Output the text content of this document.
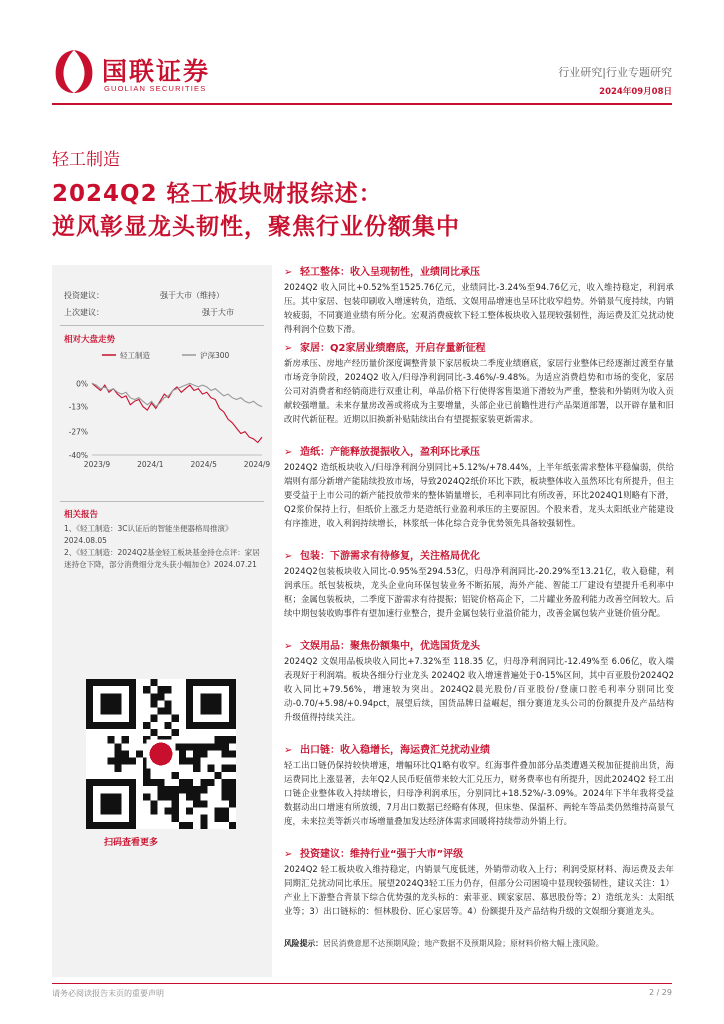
国联证券
GUOLIAN SECURITIES
行业研究|行业专题研究
2024年09月08日
轻工制造
2024Q2 轻工板块财报综述：
逆风彰显龙头韧性，聚焦行业份额集中
投资建议：	强于大市（维持）
上次建议：	强于大市
相对大盘走势
轻工制造	沪深300
0%
-13%
-27%
-40%
2023/9	2024/1	2024/5	2024/9
相关报告

1、《轻工制造：3C认证后的智能坐便器格局推演》2024.08.05

2、《轻工制造：2024Q2基金轻工板块基金持仓点评：家居迷持仓下降，部分消费细分龙头获小幅加仓》2024.07.21

扫码查看更多
➢ 轻工整体：收入呈现韧性，业绩同比承压
2024Q2 收入同比+0.52%至1525.76亿元，业绩同比-3.24%至94.76亿元，收入维持稳定，利润承压。其中家居、包装印刷收入增速转负，造纸、文娱用品增速也呈环比收窄趋势。外销景气度持续，内销较疲弱，不同赛道业绩有所分化。宏观消费疲软下轻工整体板块收入显现较强韧性，海运费及汇兑扰动使得利润个位数下滑。
➢ 家居：Q2家居业绩磨底，开启存量新征程
新房承压、房地产经历量价深度调整背景下家居板块二季度业绩磨底，家居行业整体已经逐渐过渡至存量市场竞争阶段，2024Q2 收入/归母净利润同比-3.46%/-9.48%。为适应消费趋势和市场的变化，家居公司对消费者和经销商进行双重让利，单品价格下行使得客售渠道下滑较为严重，整装和外销则为收入贡献较强增量。未来存量房改善或将成为主要增量，头部企业已前瞻性进行产品渠道部署，以开辟存量和旧改时代新征程。近期以旧换新补贴陆续出台有望提振家装更新需求。
➢ 造纸：产能释放提振收入，盈利环比承压
2024Q2 造纸板块收入/归母净利润分别同比+5.12%/+78.44%，上半年纸张需求整体平稳偏弱，供给端则有部分新增产能陆续投放市场，导致2024Q2纸价环比下跌，板块整体收入虽然环比有所提升，但主要受益于上市公司的新产能投放带来的整体销量增长，毛利率同比有所改善，环比2024Q1则略有下滑，Q2浆价保持上行，但纸价上涨乏力是造纸行业盈利承压的主要原因。个股来看，龙头太阳纸业产能建设有序推进，收入利润持续增长，林浆纸一体化综合竞争优势领先具备较强韧性。
➢ 包装：下游需求有待修复，关注格局优化
2024Q2包装板块收入同比-0.95%至294.53亿，归母净利润同比-20.29%至13.21亿，收入稳健，利润承压。纸包装板块，龙头企业向环保包装业务不断拓展，海外产能、智能工厂建设有望提升毛利率中枢；金属包装板块，二季度下游需求有待提振；铝锭价格高企下，二片罐业务盈利能力改善空间较大。后续中期包装收购事件有望加速行业整合，提升金属包装行业溢价能力，改善金属包装产业链价值分配。
➢ 文娱用品：聚焦份额集中，优选国货龙头
2024Q2 文娱用品板块收入同比+7.32%至 118.35 亿，归母净利润同比-12.49%至 6.06亿，收入端表现好于利润端。板块各细分行业龙头 2024Q2 收入增速普遍处于0-15%区间，其中百亚股份2024Q2收入同比+79.56%，增速较为突出。2024Q2晨光股份/百亚股份/登康口腔毛利率分别同比变动-0.70/+5.98/+0.94pct，展望后续，国货品牌日益崛起，细分赛道龙头公司的份额提升及产品结构升级值得持续关注。
➢ 出口链：收入稳增长，海运费汇兑扰动业绩
轻工出口链仍保持较快增速，增幅环比Q1略有收窄。红海事件叠加部分品类遭遇关税加征提前出货，海运费同比上涨显著，去年Q2人民币贬值带来较大汇兑压力，财务费率也有所提升，因此2024Q2 轻工出口链企业整体收入持续增长，归母净利润承压，分别同比+18.52%/-3.09%。2024年下半年我将受益数据动出口增速有所放缓，7月出口数据已经略有体现，但床垫、保温杯、两轮车等品类仍然维持高景气度，未来拉美等新兴市场增量叠加发达经济体需求回暖将持续带动外销上行。
➢ 投资建议：维持行业“强于大市”评级
2024Q2 轻工板块收入维持稳定，内销景气度低迷，外销带动收入上行；利润受原材料、海运费及去年同期汇兑扰动同比承压。展望2024Q3轻工压力仍存，但部分公司困境中显现较强韧性，建议关注：1）产业上下游整合背景下综合优势强的龙头标的：索菲亚、顾家家居、慕思股份等；2）造纸龙头：太阳纸业等；3）出口链标的：恒林股份、匠心家居等。4）份额提升及产品结构升级的文娱细分赛道龙头。
风险提示：居民消费意愿不达预期风险；地产数据不及预期风险；原材料价格大幅上涨风险。
请务必阅读报告末页的重要声明	2 / 29
